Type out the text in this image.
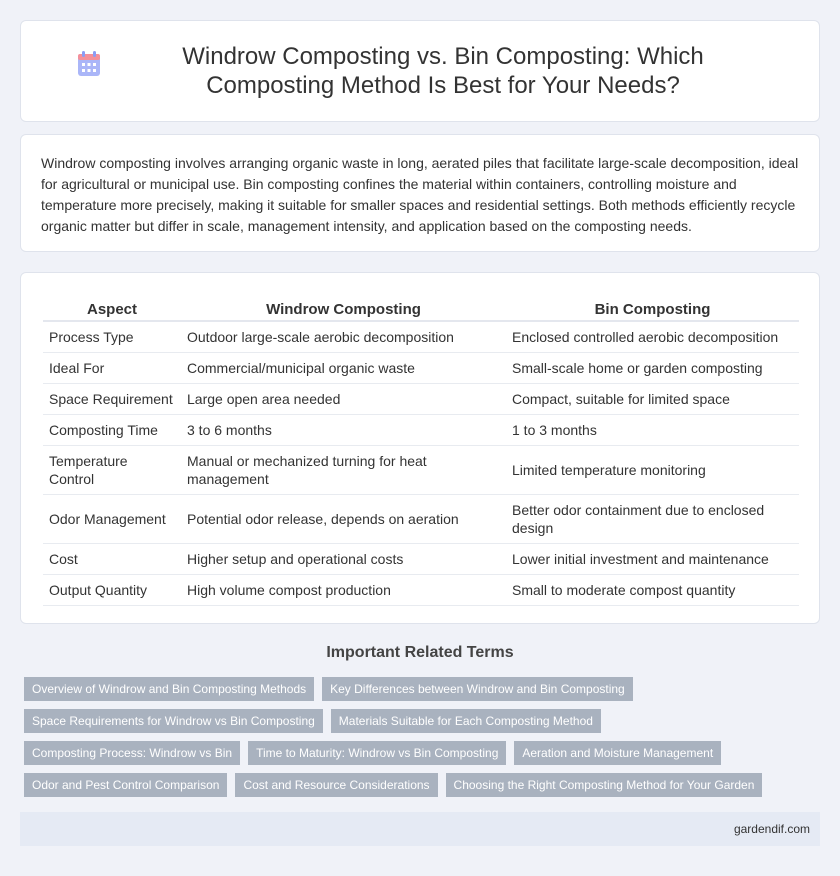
Windrow Composting vs. Bin Composting: Which Composting Method Is Best for Your Needs?

Windrow composting involves arranging organic waste in long, aerated piles that facilitate large-scale decomposition, ideal for agricultural or municipal use. Bin composting confines the material within containers, controlling moisture and temperature more precisely, making it suitable for smaller spaces and residential settings. Both methods efficiently recycle organic matter but differ in scale, management intensity, and application based on the composting needs.

Aspect	Windrow Composting	Bin Composting
Process Type	Outdoor large-scale aerobic decomposition	Enclosed controlled aerobic decomposition
Ideal For	Commercial/municipal organic waste	Small-scale home or garden composting
Space Requirement	Large open area needed	Compact, suitable for limited space
Composting Time	3 to 6 months	1 to 3 months
Temperature Control	Manual or mechanized turning for heat management	Limited temperature monitoring
Odor Management	Potential odor release, depends on aeration	Better odor containment due to enclosed design
Cost	Higher setup and operational costs	Lower initial investment and maintenance
Output Quantity	High volume compost production	Small to moderate compost quantity
Important Related Terms
Overview of Windrow and Bin Composting Methods	Key Differences between Windrow and Bin Composting
Space Requirements for Windrow vs Bin Composting	Materials Suitable for Each Composting Method
Composting Process: Windrow vs Bin	Time to Maturity: Windrow vs Bin Composting	Aeration and Moisture Management
Odor and Pest Control Comparison	Cost and Resource Considerations	Choosing the Right Composting Method for Your Garden
gardendif.com
